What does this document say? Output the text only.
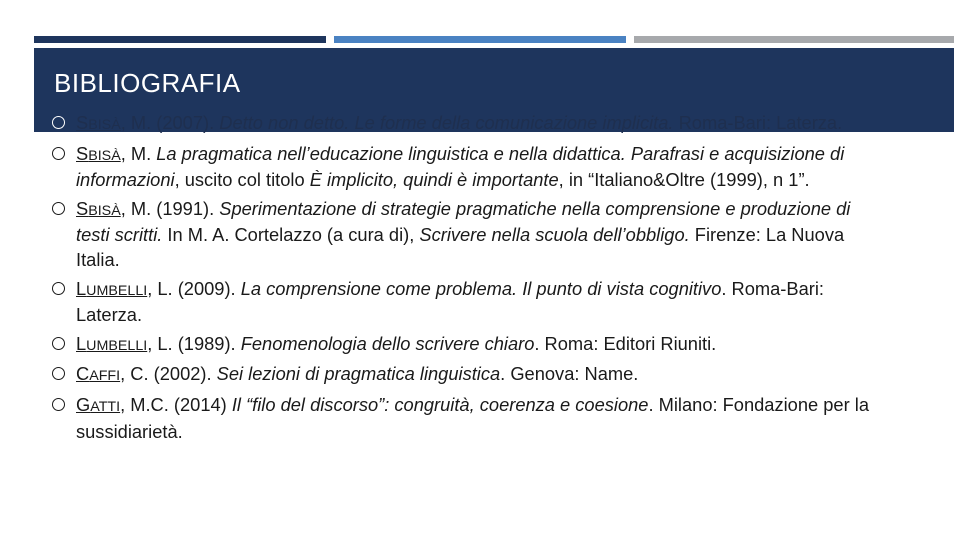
BIBLIOGRAFIA
SBISÀ, M. (2007). Detto non detto. Le forme della comunicazione implicita. Roma-Bari: Laterza.
SBISÀ, M. La pragmatica nell’educazione linguistica e nella didattica. Parafrasi e acquisizione di informazioni, uscito col titolo È implicito, quindi è importante, in “Italiano&Oltre (1999), n 1”.
SBISÀ, M. (1991). Sperimentazione di strategie pragmatiche nella comprensione e produzione di testi scritti. In M. A. Cortelazzo (a cura di), Scrivere nella scuola dell’obbligo. Firenze: La Nuova Italia.
LUMBELLI, L. (2009). La comprensione come problema. Il punto di vista cognitivo. Roma-Bari: Laterza.
LUMBELLI, L. (1989). Fenomenologia dello scrivere chiaro. Roma: Editori Riuniti.
CAFFI, C. (2002). Sei lezioni di pragmatica linguistica. Genova: Name.
GATTI, M.C. (2014) Il “filo del discorso”: congruità, coerenza e coesione. Milano: Fondazione per la sussidiarietà.
